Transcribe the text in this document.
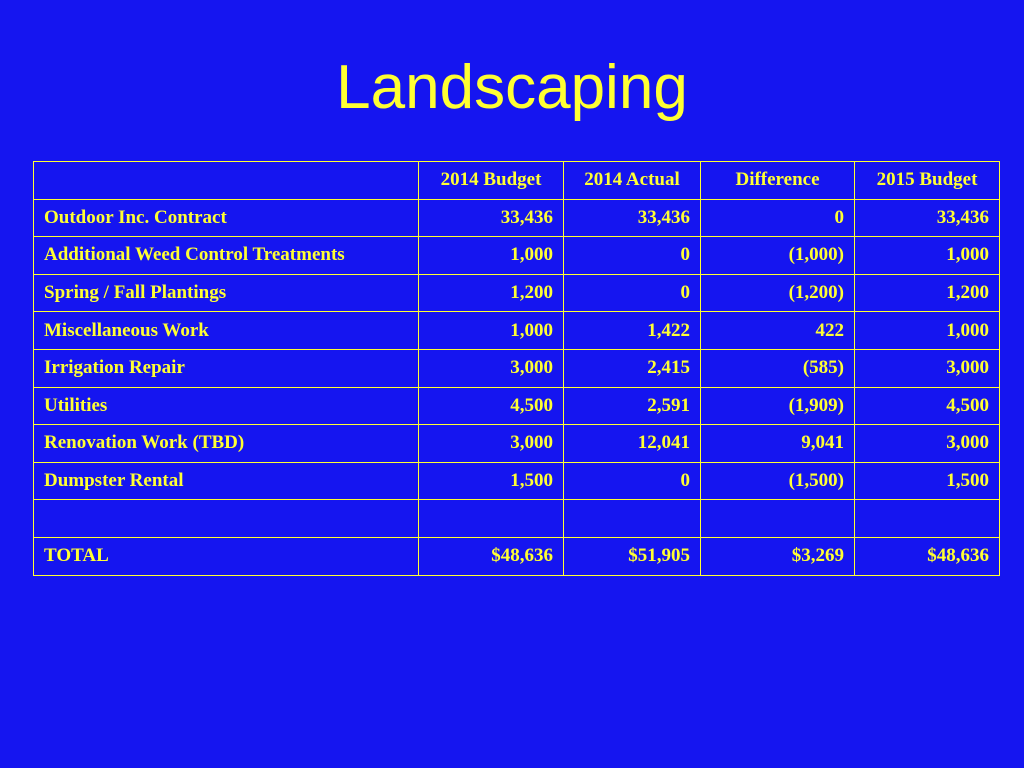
Landscaping
	2014 Budget	2014 Actual	Difference	2015 Budget
Outdoor Inc. Contract	33,436	33,436	0	33,436
Additional Weed Control Treatments	1,000	0	(1,000)	1,000
Spring / Fall Plantings	1,200	0	(1,200)	1,200
Miscellaneous Work	1,000	1,422	422	1,000
Irrigation Repair	3,000	2,415	(585)	3,000
Utilities	4,500	2,591	(1,909)	4,500
Renovation Work (TBD)	3,000	12,041	9,041	3,000
Dumpster Rental	1,500	0	(1,500)	1,500

TOTAL	$48,636	$51,905	$3,269	$48,636
